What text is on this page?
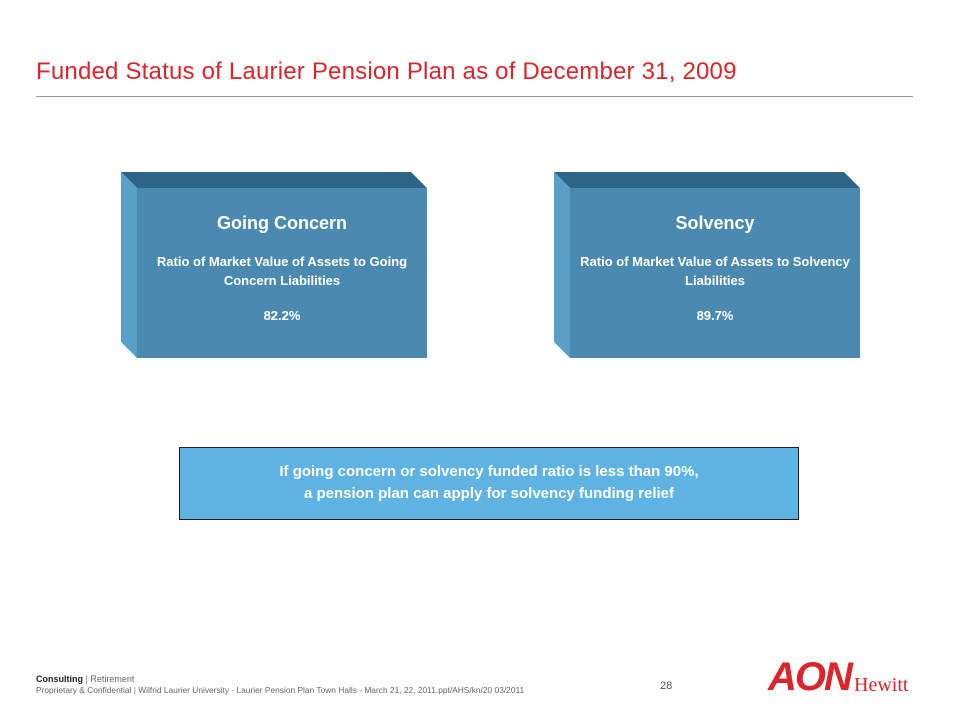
Funded Status of Laurier Pension Plan as of December 31, 2009
Going Concern
Ratio of Market Value of Assets to Going Concern Liabilities
82.2%
Solvency
Ratio of Market Value of Assets to Solvency Liabilities
89.7%
If going concern or solvency funded ratio is less than 90%,
a pension plan can apply for solvency funding relief
Consulting | Retirement
Proprietary & Confidential | Wilfrid Laurier University - Laurier Pension Plan Town Halls - March 21, 22, 2011.ppt/AHS/kn/20 03/2011	28 AON Hewitt
